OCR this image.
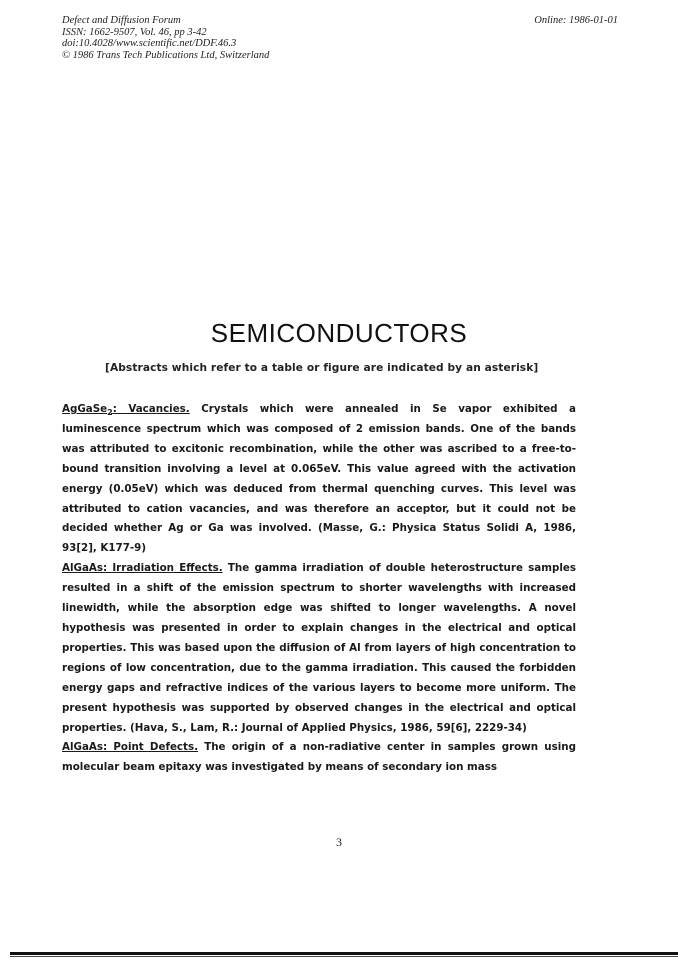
Defect and Diffusion Forum
ISSN: 1662-9507, Vol. 46, pp 3-42
doi:10.4028/www.scientific.net/DDF.46.3
© 1986 Trans Tech Publications Ltd, Switzerland
Online: 1986-01-01
SEMICONDUCTORS
[Abstracts which refer to a table or figure are indicated by an asterisk]
AgGaSe$_2$: Vacancies. Crystals which were annealed in Se vapor exhibited a luminescence spectrum which was composed of 2 emission bands. One of the bands was attributed to excitonic recombination, while the other was ascribed to a free-to-bound transition involving a level at 0.065eV. This value agreed with the activation energy (0.05eV) which was deduced from thermal quenching curves. This level was attributed to cation vacancies, and was therefore an acceptor, but it could not be decided whether Ag or Ga was involved. (Masse, G.: Physica Status Solidi A, 1986, 93[2], K177-9)
AlGaAs: Irradiation Effects. The gamma irradiation of double heterostructure samples resulted in a shift of the emission spectrum to shorter wavelengths with increased linewidth, while the absorption edge was shifted to longer wavelengths. A novel hypothesis was presented in order to explain changes in the electrical and optical properties. This was based upon the diffusion of Al from layers of high concentration to regions of low concentration, due to the gamma irradiation. This caused the forbidden energy gaps and refractive indices of the various layers to become more uniform. The present hypothesis was supported by observed changes in the electrical and optical properties. (Hava, S., Lam, R.: Journal of Applied Physics, 1986, 59[6], 2229-34)
AlGaAs: Point Defects. The origin of a non-radiative center in samples grown using molecular beam epitaxy was investigated by means of secondary ion mass
3
